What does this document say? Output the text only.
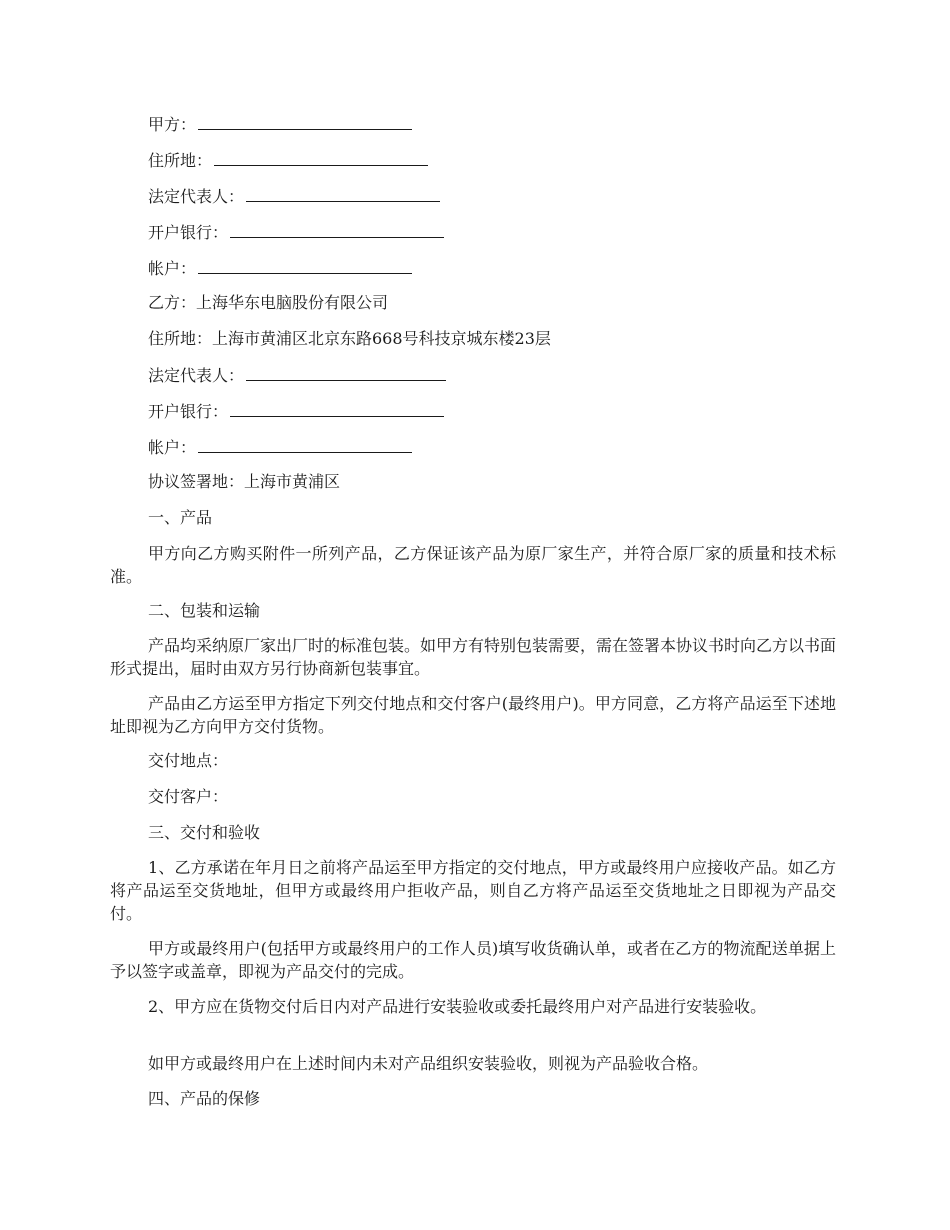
甲方：
住所地：
法定代表人：
开户银行：
帐户：
乙方：上海华东电脑股份有限公司
住所地：上海市黄浦区北京东路668号科技京城东楼23层
法定代表人：
开户银行：
帐户：
协议签署地：上海市黄浦区
一、产品
甲方向乙方购买附件一所列产品，乙方保证该产品为原厂家生产，并符合原厂家的质量和技术标准。
二、包装和运输
产品均采纳原厂家出厂时的标准包装。如甲方有特别包装需要，需在签署本协议书时向乙方以书面形式提出，届时由双方另行协商新包装事宜。
产品由乙方运至甲方指定下列交付地点和交付客户(最终用户)。甲方同意，乙方将产品运至下述地址即视为乙方向甲方交付货物。
交付地点：
交付客户：
三、交付和验收
1、乙方承诺在年月日之前将产品运至甲方指定的交付地点，甲方或最终用户应接收产品。如乙方将产品运至交货地址，但甲方或最终用户拒收产品，则自乙方将产品运至交货地址之日即视为产品交付。
甲方或最终用户(包括甲方或最终用户的工作人员)填写收货确认单，或者在乙方的物流配送单据上予以签字或盖章，即视为产品交付的完成。
2、甲方应在货物交付后日内对产品进行安装验收或委托最终用户对产品进行安装验收。
如甲方或最终用户在上述时间内未对产品组织安装验收，则视为产品验收合格。
四、产品的保修
